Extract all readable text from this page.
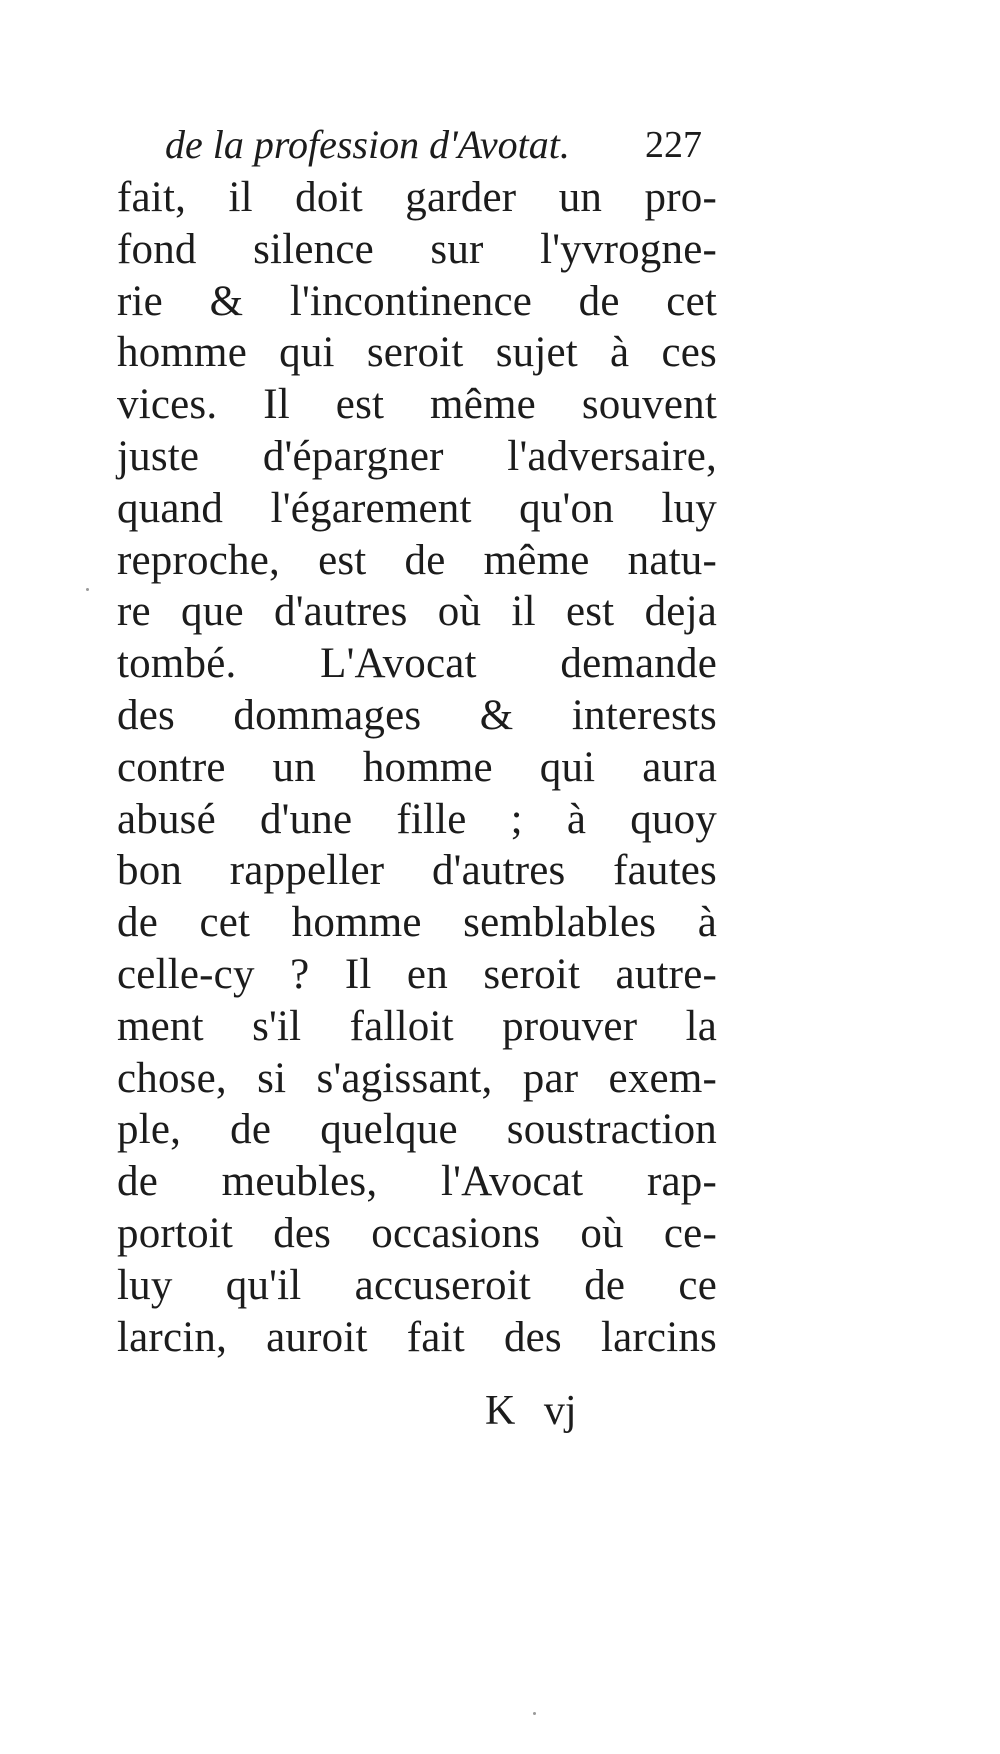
de la profession d'Avotat.	227
fait, il doit garder un pro-
fond silence sur l'yvrogne-
rie & l'incontinence de cet
homme qui seroit sujet à ces
vices. Il est même souvent
juste d'épargner l'adversaire,
quand l'égarement qu'on luy
reproche, est de même natu-
re que d'autres où il est deja
tombé. L'Avocat demande
des dommages & interests
contre un homme qui aura
abusé d'une fille ; à quoy
bon rappeller d'autres fautes
de cet homme semblables à
celle-cy ? Il en seroit autre-
ment s'il falloit prouver la
chose, si s'agissant, par exem-
ple, de quelque soustraction
de meubles, l'Avocat rap-
portoit des occasions où ce-
luy qu'il accuseroit de ce
larcin, auroit fait des larcins
K vj
